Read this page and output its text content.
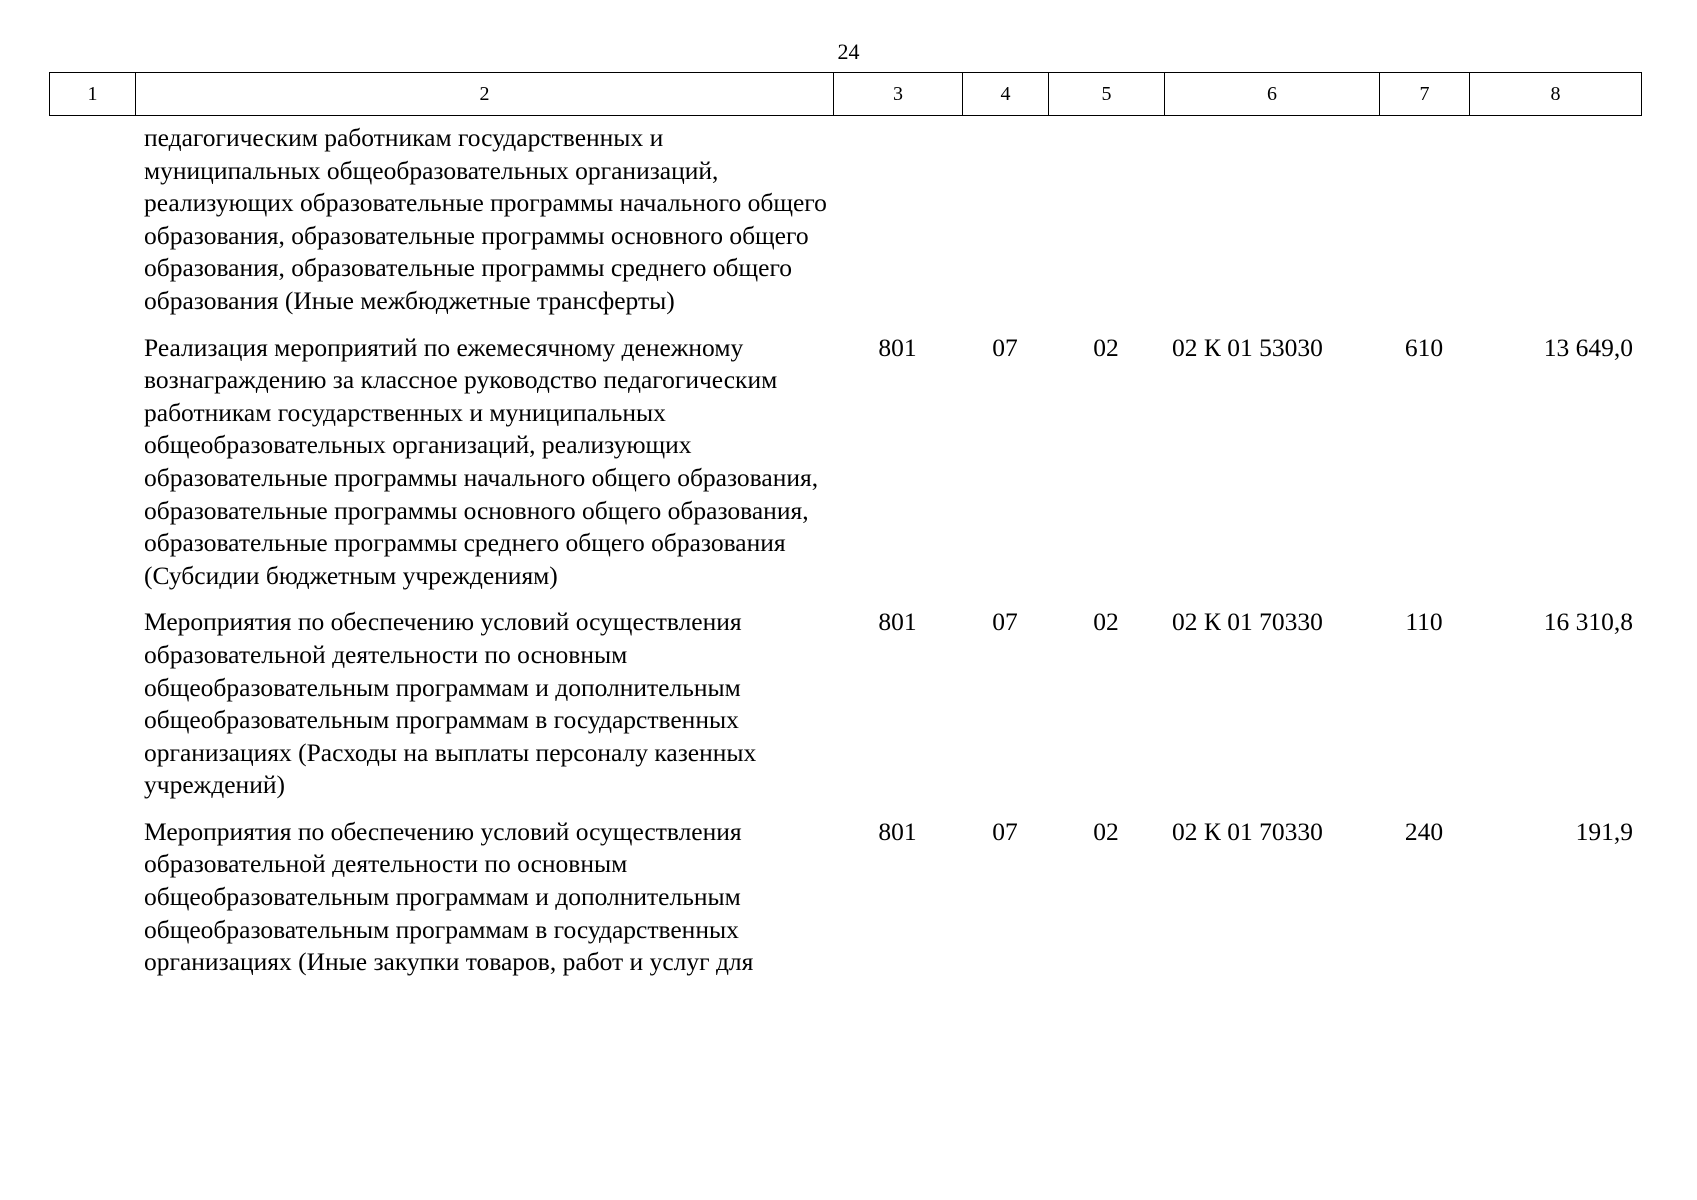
24
1	2	3	4	5	6	7	8
педагогическим работникам государственных и муниципальных общеобразовательных организаций, реализующих образовательные программы начального общего образования, образовательные программы основного общего образования, образовательные программы среднего общего образования (Иные межбюджетные трансферты)						
Реализация мероприятий по ежемесячному денежному вознаграждению за классное руководство педагогическим работникам государственных и муниципальных общеобразовательных организаций, реализующих образовательные программы начального общего образования, образовательные программы основного общего образования, образовательные программы среднего общего образования (Субсидии бюджетным учреждениям)	801	07	02	02 К 01 53030	610	13 649,0
Мероприятия по обеспечению условий осуществления образовательной деятельности по основным общеобразовательным программам и дополнительным общеобразовательным программам в государственных организациях (Расходы на выплаты персоналу казенных учреждений)	801	07	02	02 К 01 70330	110	16 310,8
Мероприятия по обеспечению условий осуществления образовательной деятельности по основным общеобразовательным программам и дополнительным общеобразовательным программам в государственных организациях (Иные закупки товаров, работ и услуг для	801	07	02	02 К 01 70330	240	191,9
